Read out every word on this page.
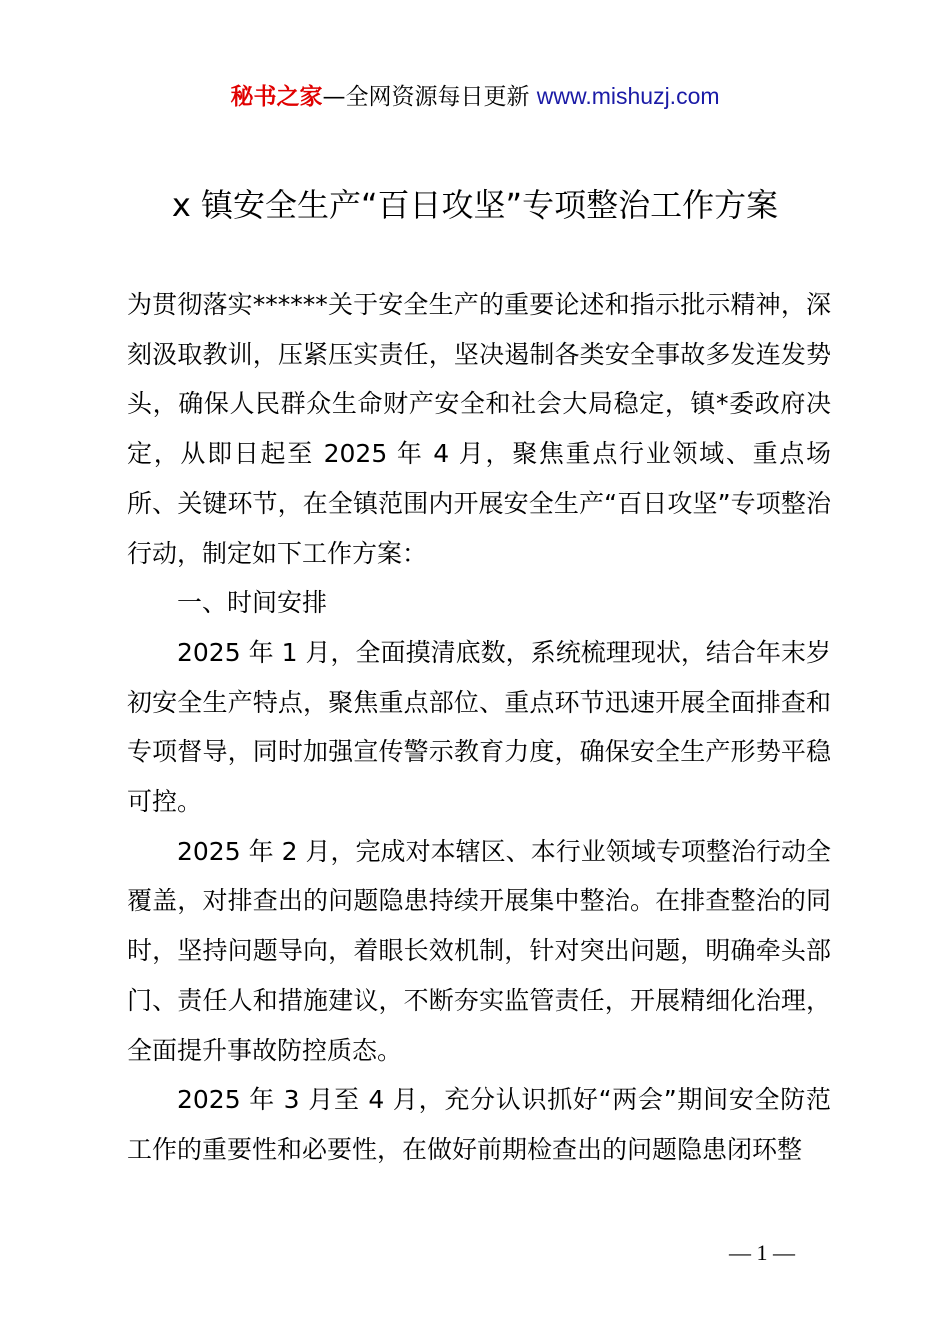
秘书之家—全网资源每日更新 www.mishuzj.com
x 镇安全生产“百日攻坚”专项整治工作方案

为贯彻落实******关于安全生产的重要论述和指示批示精神，深刻汲取教训，压紧压实责任，坚决遏制各类安全事故多发连发势头，确保人民群众生命财产安全和社会大局稳定，镇*委政府决定，从即日起至 2025 年 4 月，聚焦重点行业领域、重点场所、关键环节，在全镇范围内开展安全生产“百日攻坚”专项整治行动，制定如下工作方案：

一、时间安排

2025 年 1 月，全面摸清底数，系统梳理现状，结合年末岁初安全生产特点，聚焦重点部位、重点环节迅速开展全面排查和专项督导，同时加强宣传警示教育力度，确保安全生产形势平稳可控。

2025 年 2 月，完成对本辖区、本行业领域专项整治行动全覆盖，对排查出的问题隐患持续开展集中整治。在排查整治的同时，坚持问题导向，着眼长效机制，针对突出问题，明确牵头部门、责任人和措施建议，不断夯实监管责任，开展精细化治理，全面提升事故防控质态。

2025 年 3 月至 4 月，充分认识抓好“两会”期间安全防范工作的重要性和必要性，在做好前期检查出的问题隐患闭环整

— 1 —
